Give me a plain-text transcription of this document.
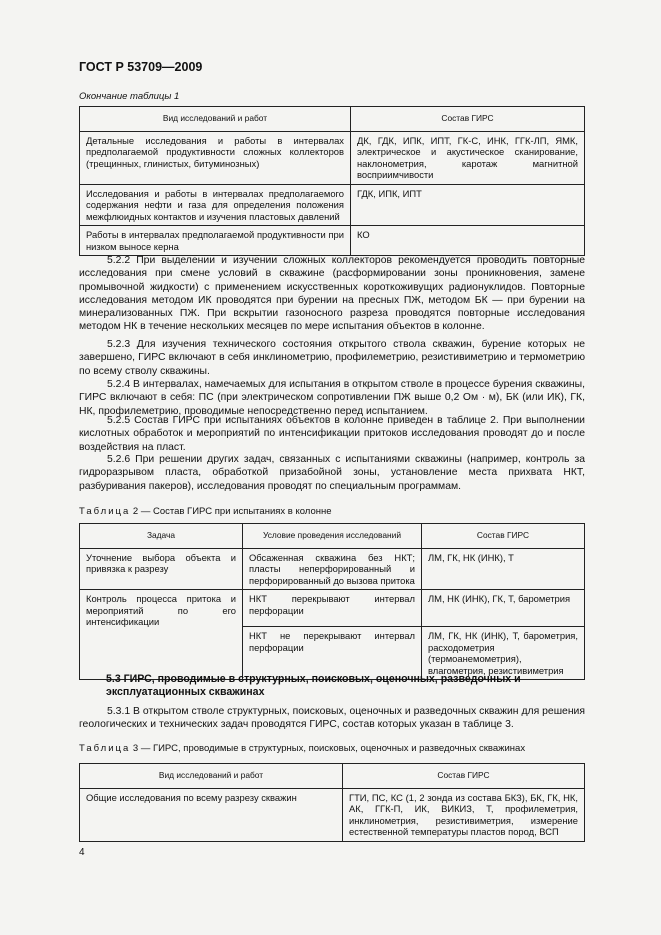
ГОСТ Р 53709—2009
Окончание таблицы 1
Вид исследований и работ	Состав ГИРС
Детальные исследования и работы в интервалах предполагаемой продуктивности сложных коллекторов (трещинных, глинистых, битуминозных)	ДК, ГДК, ИПК, ИПТ, ГК-С, ИНК, ГГК-ЛП, ЯМК, электрическое и акустическое сканирование, наклонометрия, каротаж магнитной восприимчивости
Исследования и работы в интервалах предполагаемого содержания нефти и газа для определения положения межфлюидных контактов и изучения пластовых давлений	ГДК, ИПК, ИПТ
Работы в интервалах предполагаемой продуктивности при низком выносе керна	КО

5.2.2 При выделении и изучении сложных коллекторов рекомендуется проводить повторные исследования при смене условий в скважине (расформировании зоны проникновения, замене промывочной жидкости) с применением искусственных короткоживущих радионуклидов. Повторные исследования методом ИК проводятся при бурении на пресных ПЖ, методом БК — при бурении на минерализованных ПЖ. При вскрытии газоносного разреза проводятся повторные исследования методом НК в течение нескольких месяцев по мере испытания объектов в колонне.

5.2.3 Для изучения технического состояния открытого ствола скважин, бурение которых не завершено, ГИРС включают в себя инклинометрию, профилеметрию, резистивиметрию и термометрию по всему стволу скважины.

5.2.4 В интервалах, намечаемых для испытания в открытом стволе в процессе бурения скважины, ГИРС включают в себя: ПС (при электрическом сопротивлении ПЖ выше 0,2 Ом · м), БК (или ИК), ГК, НК, профилеметрию, проводимые непосредственно перед испытанием.

5.2.5 Состав ГИРС при испытаниях объектов в колонне приведен в таблице 2. При выполнении кислотных обработок и мероприятий по интенсификации притоков исследования проводят до и после воздействия на пласт.

5.2.6 При решении других задач, связанных с испытаниями скважины (например, контроль за гидроразрывом пласта, обработкой призабойной зоны, установление места прихвата НКТ, разбуривания пакеров), исследования проводят по специальным программам.

Таблица 2 — Состав ГИРС при испытаниях в колонне
Задача	Условие проведения исследований	Состав ГИРС
Уточнение выбора объекта и привязка к разрезу	Обсаженная скважина без НКТ; пласты неперфорированный и перфорированный до вызова притока	ЛМ, ГК, НК (ИНК), Т
Контроль процесса притока и мероприятий по его интенсификации	НКТ перекрывают интервал перфорации	ЛМ, НК (ИНК), ГК, Т, барометрия
	НКТ не перекрывают интервал перфорации	ЛМ, ГК, НК (ИНК), Т, барометрия, расходометрия (термоанемометрия), влагометрия, резистивиметрия
5.3 ГИРС, проводимые в структурных, поисковых, оценочных, разведочных и эксплуатационных скважинах

5.3.1 В открытом стволе структурных, поисковых, оценочных и разведочных скважин для решения геологических и технических задач проводятся ГИРС, состав которых указан в таблице 3.

Таблица 3 — ГИРС, проводимые в структурных, поисковых, оценочных и разведочных скважинах
Вид исследований и работ	Состав ГИРС
Общие исследования по всему разрезу скважин	ГТИ, ПС, КС (1, 2 зонда из состава БКЗ), БК, ГК, НК, АК, ГГК-П, ИК, ВИКИЗ, Т, профилеметрия, инклинометрия, резистивиметрия, измерение естественной температуры пластов пород, ВСП
4
